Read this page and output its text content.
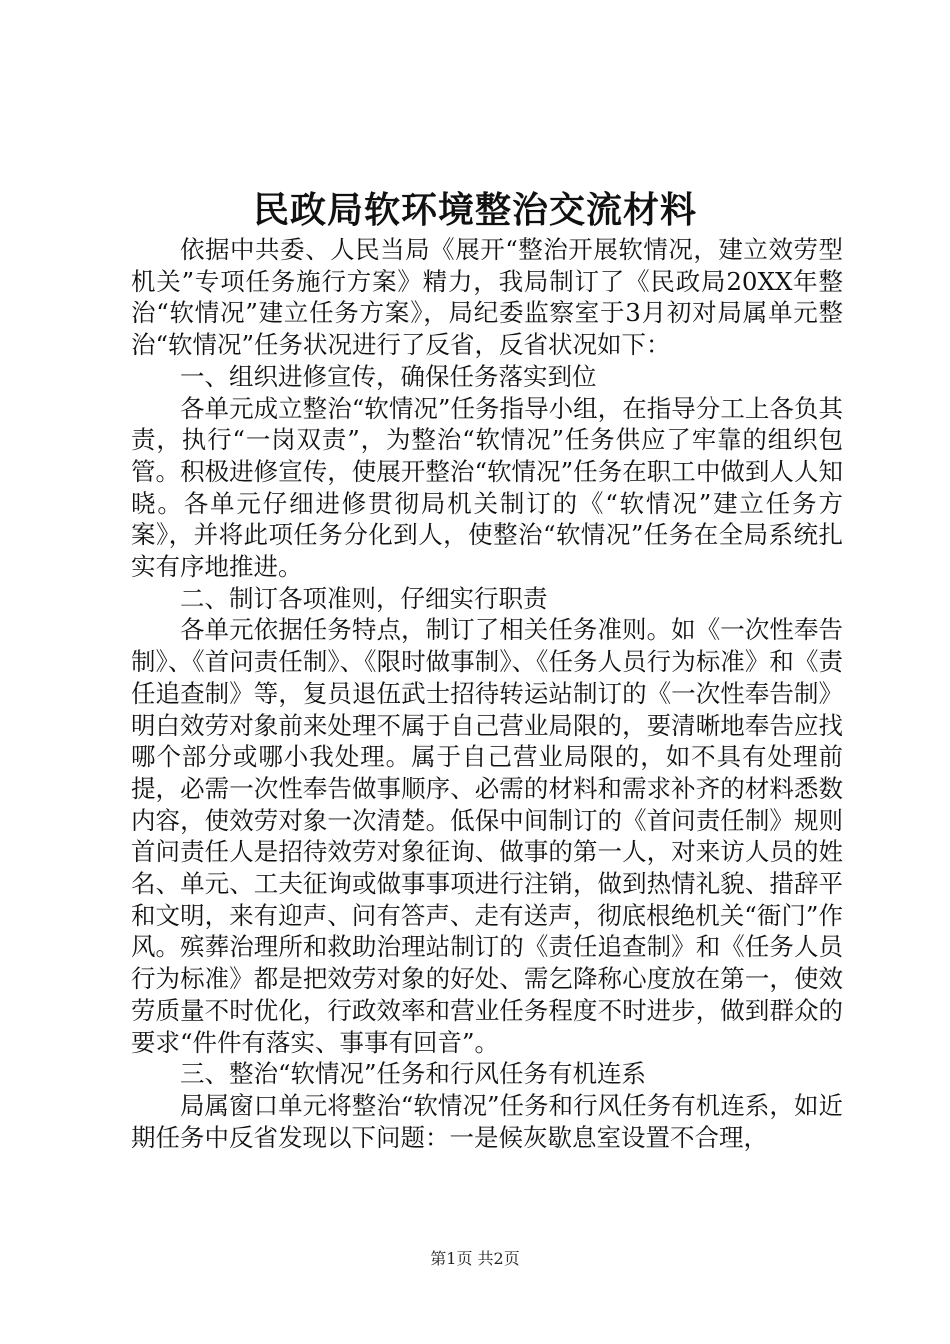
民政局软环境整治交流材料

依据中共委、人民当局《展开“整治开展软情况，建立效劳型机关”专项任务施行方案》精力，我局制订了《民政局20XX年整治“软情况”建立任务方案》，局纪委监察室于3月初对局属单元整治“软情况”任务状况进行了反省，反省状况如下：

一、组织进修宣传，确保任务落实到位

各单元成立整治“软情况”任务指导小组，在指导分工上各负其责，执行“一岗双责”，为整治“软情况”任务供应了牢靠的组织包管。积极进修宣传，使展开整治“软情况”任务在职工中做到人人知晓。各单元仔细进修贯彻局机关制订的《“软情况”建立任务方案》，并将此项任务分化到人，使整治“软情况”任务在全局系统扎实有序地推进。

二、制订各项准则，仔细实行职责

各单元依据任务特点，制订了相关任务准则。如《一次性奉告制》、《首问责任制》、《限时做事制》、《任务人员行为标准》和《责任追查制》等，复员退伍武士招待转运站制订的《一次性奉告制》明白效劳对象前来处理不属于自己营业局限的，要清晰地奉告应找哪个部分或哪小我处理。属于自己营业局限的，如不具有处理前提，必需一次性奉告做事顺序、必需的材料和需求补齐的材料悉数内容，使效劳对象一次清楚。低保中间制订的《首问责任制》规则首问责任人是招待效劳对象征询、做事的第一人，对来访人员的姓名、单元、工夫征询或做事事项进行注销，做到热情礼貌、措辞平和文明，来有迎声、问有答声、走有送声，彻底根绝机关“衙门”作风。殡葬治理所和救助治理站制订的《责任追查制》和《任务人员行为标准》都是把效劳对象的好处、需乞降称心度放在第一，使效劳质量不时优化，行政效率和营业任务程度不时进步，做到群众的要求“件件有落实、事事有回音”。

三、整治“软情况”任务和行风任务有机连系

局属窗口单元将整治“软情况”任务和行风任务有机连系，如近期任务中反省发现以下问题：一是候灰歇息室设置不合理，

第1页 共2页
